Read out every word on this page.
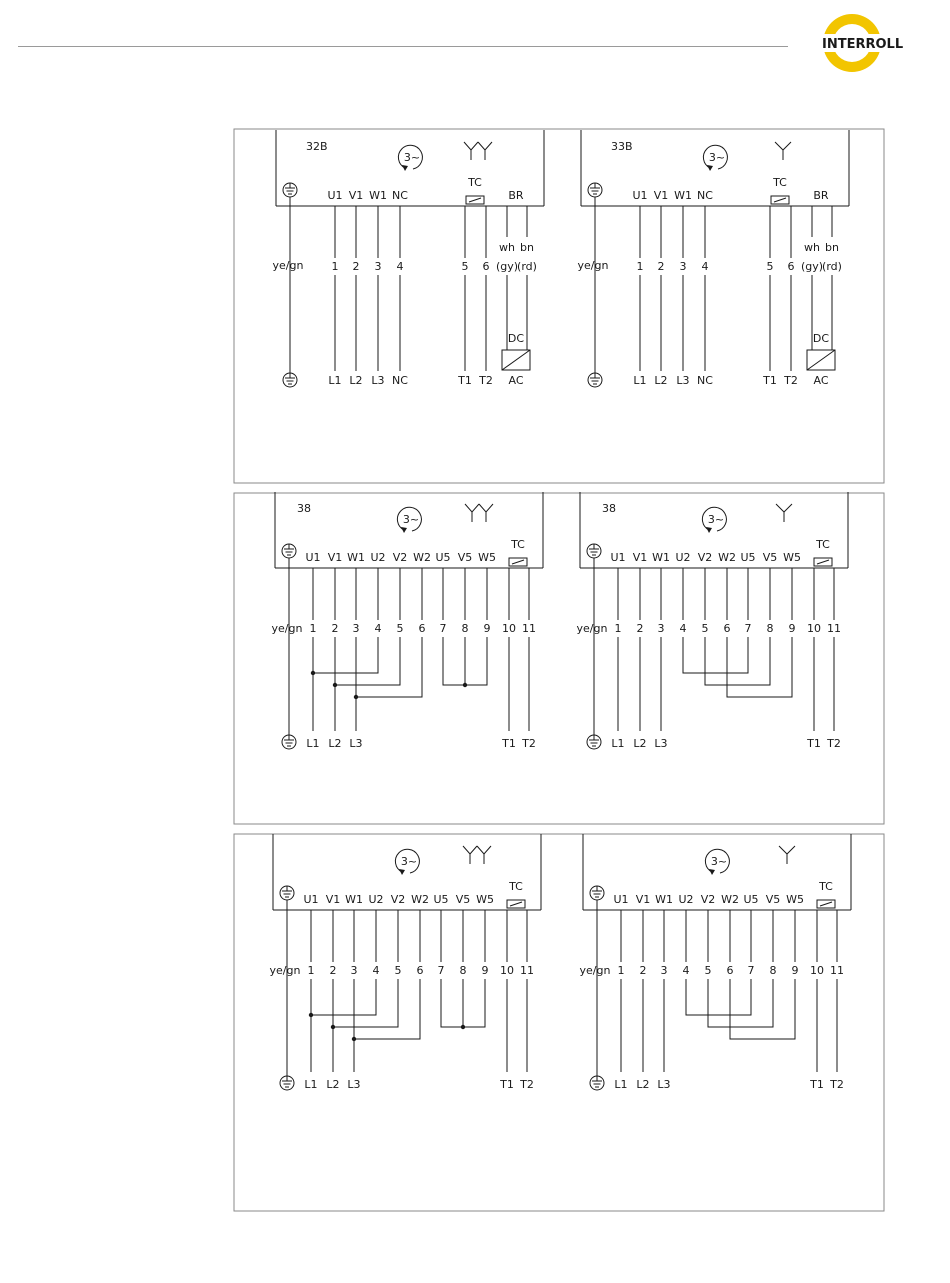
INTERROLL
32B
3~
ye/gn
U1
1
L1
V1
2
L2
W1
3
L3
NC
4
NC
TC
5
T1
6
T2
BR
wh
(gy)
bn
(rd)
DC
AC
33B
3~
ye/gn
U1
1
L1
V1
2
L2
W1
3
L3
NC
4
NC
TC
5
T1
6
T2
BR
wh
(gy)
bn
(rd)
DC
AC
38
3~
ye/gn
U1
1
V1
2
W1
3
U2
4
V2
5
W2
6
U5
7
V5
8
W5
9
L1 L2 L3
TC
10
T1
11
T2
38
3~
ye/gn
U1
1
V1
2
W1
3
U2
4
V2
5
W2
6
U5
7
V5
8
W5
9
L1 L2 L3
TC
10
T1
11
T2
3~
ye/gn
U1
1
V1
2
W1
3
U2
4
V2
5
W2
6
U5
7
V5
8
W5
9
L1 L2 L3
TC
10
T1
11
T2
3~
ye/gn
U1
1
V1
2
W1
3
U2
4
V2
5
W2
6
U5
7
V5
8
W5
9
L1 L2 L3
TC
10
T1
11
T2
